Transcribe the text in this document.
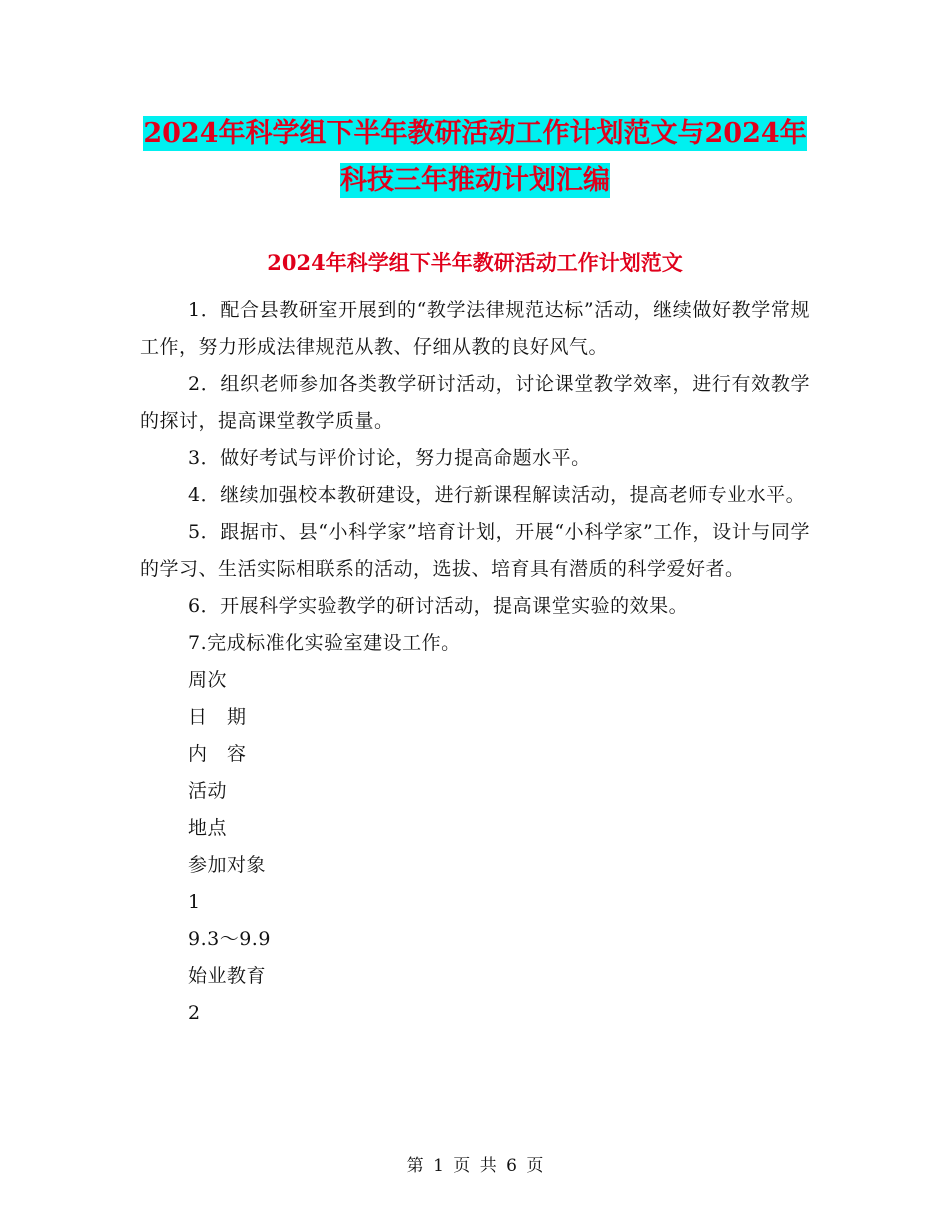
2024年科学组下半年教研活动工作计划范文与2024年科技三年推动计划汇编
2024年科学组下半年教研活动工作计划范文

1．配合县教研室开展到的“教学法律规范达标”活动，继续做好教学常规工作，努力形成法律规范从教、仔细从教的良好风气。

2．组织老师参加各类教学研讨活动，讨论课堂教学效率，进行有效教学的探讨，提高课堂教学质量。

3．做好考试与评价讨论，努力提高命题水平。

4．继续加强校本教研建设，进行新课程解读活动，提高老师专业水平。

5．跟据市、县“小科学家”培育计划，开展“小科学家”工作，设计与同学的学习、生活实际相联系的活动，选拔、培育具有潜质的科学爱好者。

6．开展科学实验教学的研讨活动，提高课堂实验的效果。

7.完成标准化实验室建设工作。

周次
日　期
内　容
活动
地点
参加对象
1
9.3～9.9
始业教育
2
第 1 页 共 6 页
